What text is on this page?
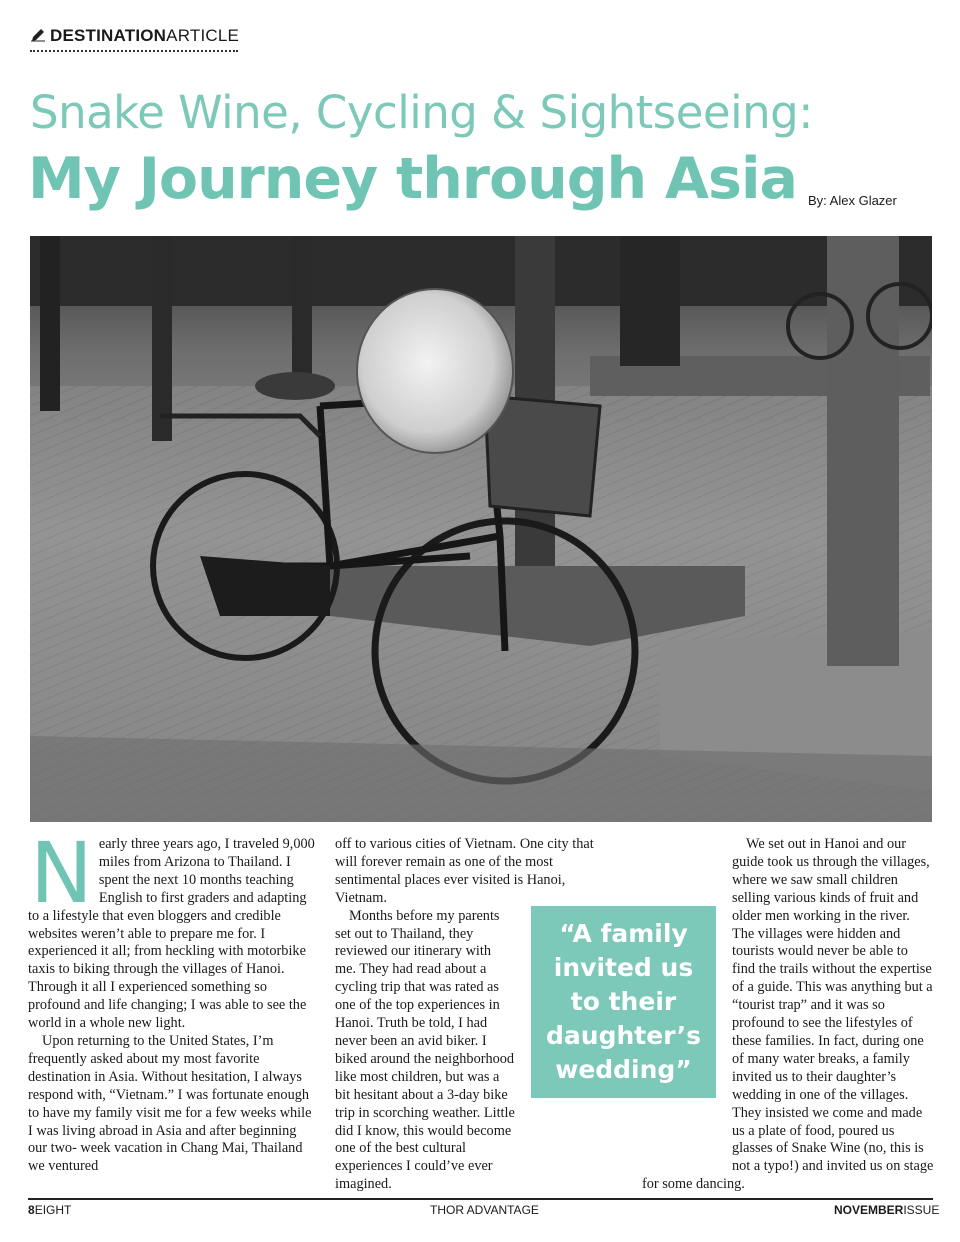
DESTINATIONARTICLE
Snake Wine, Cycling & Sightseeing:
My Journey through Asia By: Alex Glazer
N early three years ago, I traveled 9,000 miles from Arizona to Thailand. I spent the next 10 months teaching English to first graders and adapting to a lifestyle that even bloggers and credible websites weren’t able to prepare me for. I experienced it all; from heckling with motorbike taxis to biking through the villages of Hanoi. Through it all I experienced something so profound and life changing; I was able to see the world in a whole new light.

Upon returning to the United States, I’m frequently asked about my most favorite destination in Asia. Without hesitation, I always respond with, “Vietnam.” I was fortunate enough to have my family visit me for a few weeks while I was living abroad in Asia and after beginning our two- week vacation in Chang Mai, Thailand we ventured

off to various cities of Vietnam. One city that will forever remain as one of the most sentimental places ever visited is Hanoi, Vietnam.

Months before my parents set out to Thailand, they reviewed our itinerary with me. They had read about a cycling trip that was rated as one of the top experiences in Hanoi. Truth be told, I had never been an avid biker. I biked around the neighborhood like most children, but was a bit hesitant about a 3-day bike trip in scorching weather. Little did I know, this would become one of the best cultural experiences I could’ve ever imagined.

“A family invited us to their daughter’s wedding”

We set out in Hanoi and our guide took us through the villages, where we saw small children selling various kinds of fruit and older men working in the river. The villages were hidden and tourists would never be able to find the trails without the expertise of a guide. This was anything but a “tourist trap” and it was so profound to see the lifestyles of these families. In fact, during one of many water breaks, a family invited us to their daughter’s wedding in one of the villages. They insisted we come and made us a plate of food, poured us glasses of Snake Wine (no, this is not a typo!) and invited us on stage for some dancing.

8EIGHT	THOR ADVANTAGE	NOVEMBERISSUE
